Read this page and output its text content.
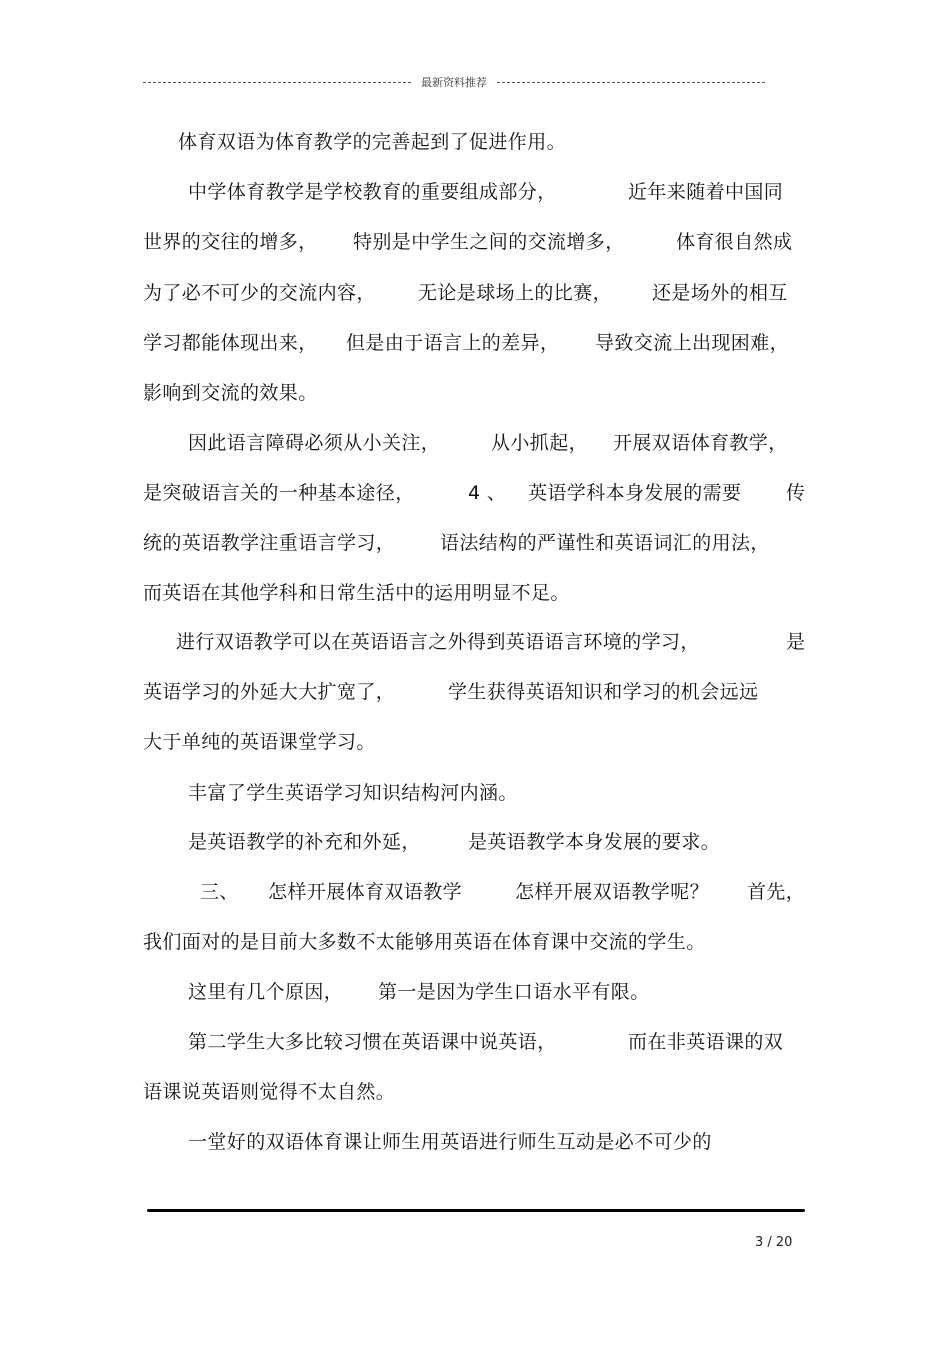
最新资料推荐

体育双语为体育教学的完善起到了促进作用。

中学体育教学是学校教育的重要组成部分，

	近年来随着中国同

世界的交往的增多，

特别是中学生之间的交流增多，

	体育很自然成

为了必不可少的交流内容，

无论是球场上的比赛，

还是场外的相互

学习都能体现出来，

但是由于语言上的差异，

导致交流上出现困难，

影响到交流的效果。

因此语言障碍必须从小关注，

	从小抓起，

开展双语体育教学，

是突破语言关的一种基本途径，

	4 、

英语学科本身发展的需要

传

统的英语教学注重语言学习，

语法结构的严谨性和英语词汇的用法，

而英语在其他学科和日常生活中的运用明显不足。

进行双语教学可以在英语语言之外得到英语语言环境的学习，

	是

英语学习的外延大大扩宽了，

	学生获得英语知识和学习的机会远远

大于单纯的英语课堂学习。

丰富了学生英语学习知识结构河内涵。

是英语教学的补充和外延，

是英语教学本身发展的要求。

三、

怎样开展体育双语教学

	怎样开展双语教学呢？

首先，

我们面对的是目前大多数不太能够用英语在体育课中交流的学生。

这里有几个原因，

第一是因为学生口语水平有限。

第二学生大多比较习惯在英语课中说英语，

	而在非英语课的双

语课说英语则觉得不太自然。

一堂好的双语体育课让师生用英语进行师生互动是必不可少的

3 / 20
